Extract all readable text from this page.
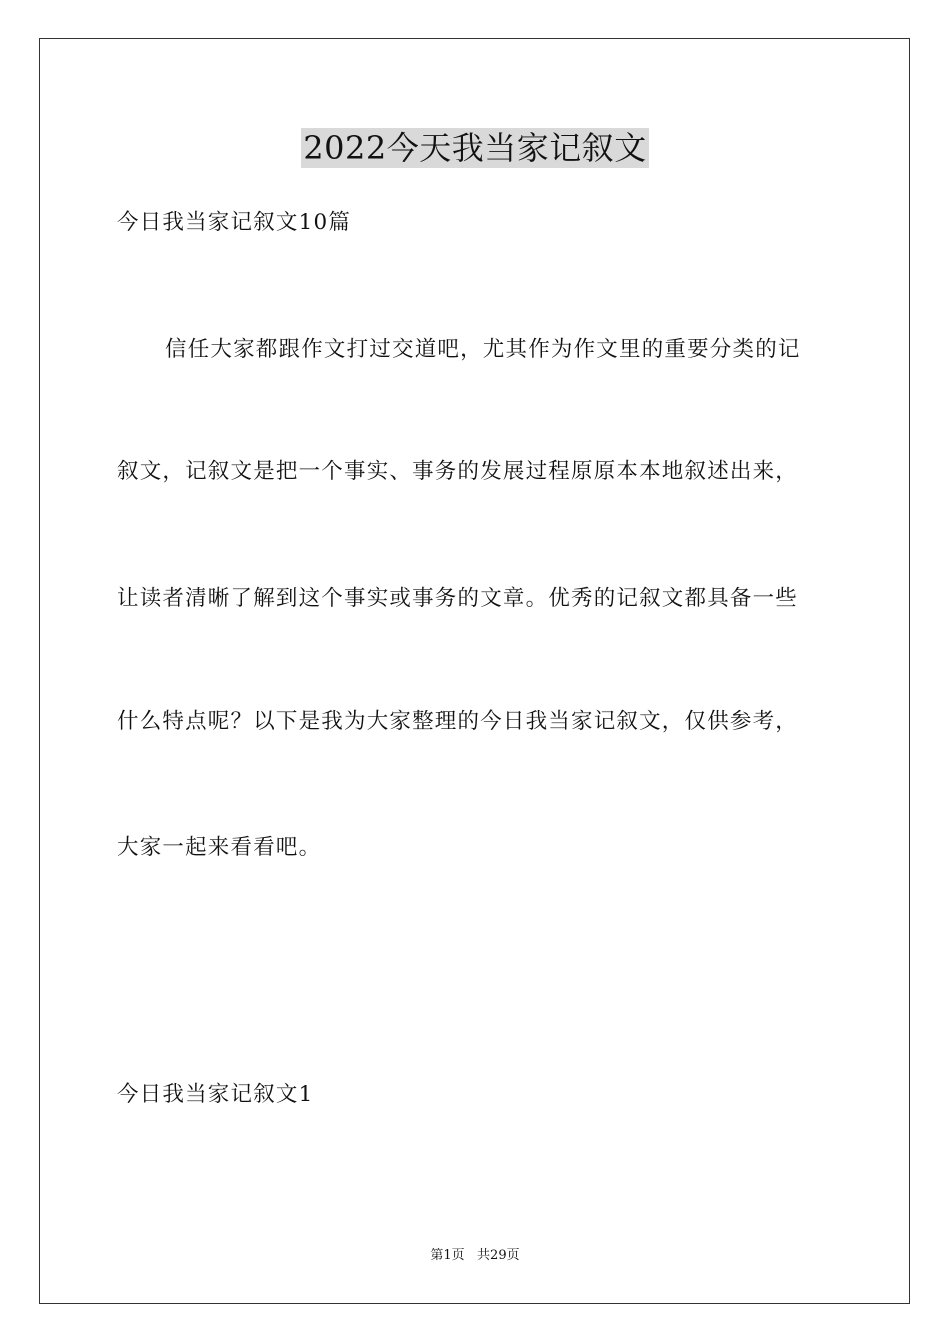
2022今天我当家记叙文
今日我当家记叙文10篇
信任大家都跟作文打过交道吧，尤其作为作文里的重要分类的记
叙文，记叙文是把一个事实、事务的发展过程原原本本地叙述出来，
让读者清晰了解到这个事实或事务的文章。优秀的记叙文都具备一些
什么特点呢？以下是我为大家整理的今日我当家记叙文，仅供参考，
大家一起来看看吧。
今日我当家记叙文1
第1页   共29页
